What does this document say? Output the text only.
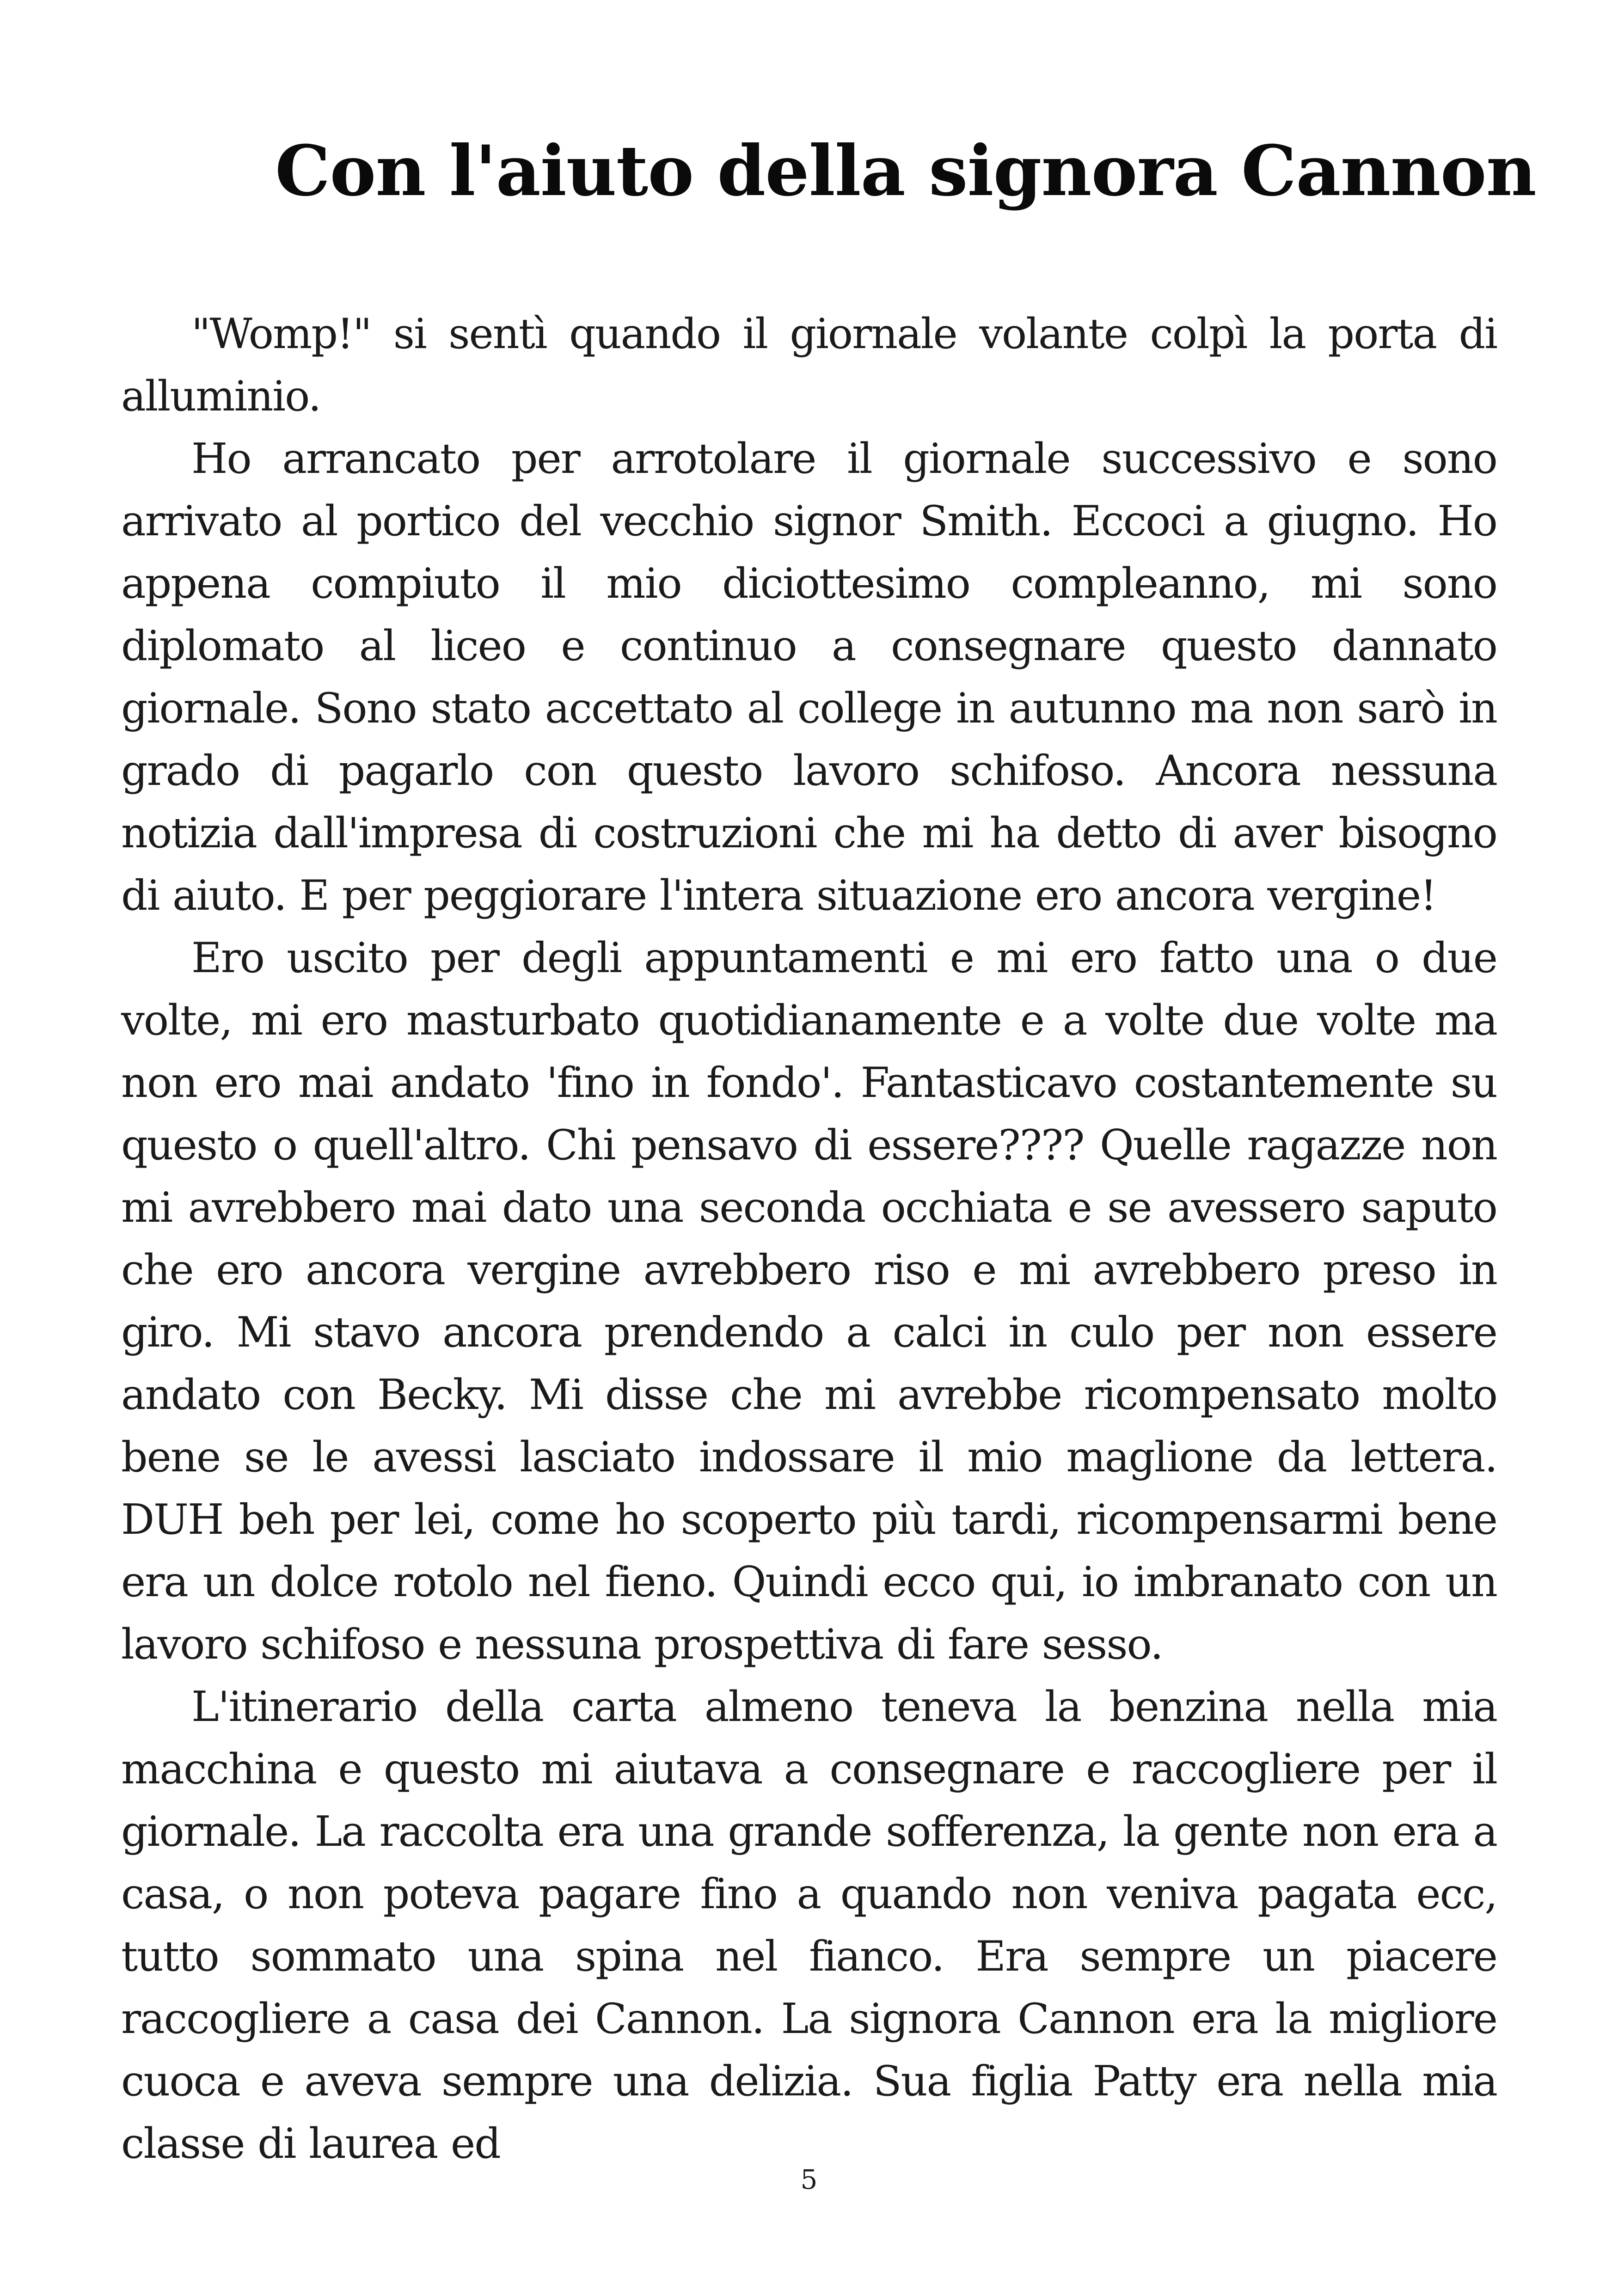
Con l'aiuto della signora Cannon

"Womp!" si sentì quando il giornale volante colpì la porta di alluminio.

Ho arrancato per arrotolare il giornale successivo e sono arrivato al portico del vecchio signor Smith. Eccoci a giugno. Ho appena compiuto il mio diciottesimo compleanno, mi sono diplomato al liceo e continuo a consegnare questo dannato giornale. Sono stato accettato al college in autunno ma non sarò in grado di pagarlo con questo lavoro schifoso. Ancora nessuna notizia dall'impresa di costruzioni che mi ha detto di aver bisogno di aiuto. E per peggiorare l'intera situazione ero ancora vergine!

Ero uscito per degli appuntamenti e mi ero fatto una o due volte, mi ero masturbato quotidianamente e a volte due volte ma non ero mai andato 'fino in fondo'. Fantasticavo costantemente su questo o quell'altro. Chi pensavo di essere???? Quelle ragazze non mi avrebbero mai dato una seconda occhiata e se avessero saputo che ero ancora vergine avrebbero riso e mi avrebbero preso in giro. Mi stavo ancora prendendo a calci in culo per non essere andato con Becky. Mi disse che mi avrebbe ricompensato molto bene se le avessi lasciato indossare il mio maglione da lettera. DUH beh per lei, come ho scoperto più tardi, ricompensarmi bene era un dolce rotolo nel fieno. Quindi ecco qui, io imbranato con un lavoro schifoso e nessuna prospettiva di fare sesso.

L'itinerario della carta almeno teneva la benzina nella mia macchina e questo mi aiutava a consegnare e raccogliere per il giornale. La raccolta era una grande sofferenza, la gente non era a casa, o non poteva pagare fino a quando non veniva pagata ecc, tutto sommato una spina nel fianco. Era sempre un piacere raccogliere a casa dei Cannon. La signora Cannon era la migliore cuoca e aveva sempre una delizia. Sua figlia Patty era nella mia classe di laurea ed

5
